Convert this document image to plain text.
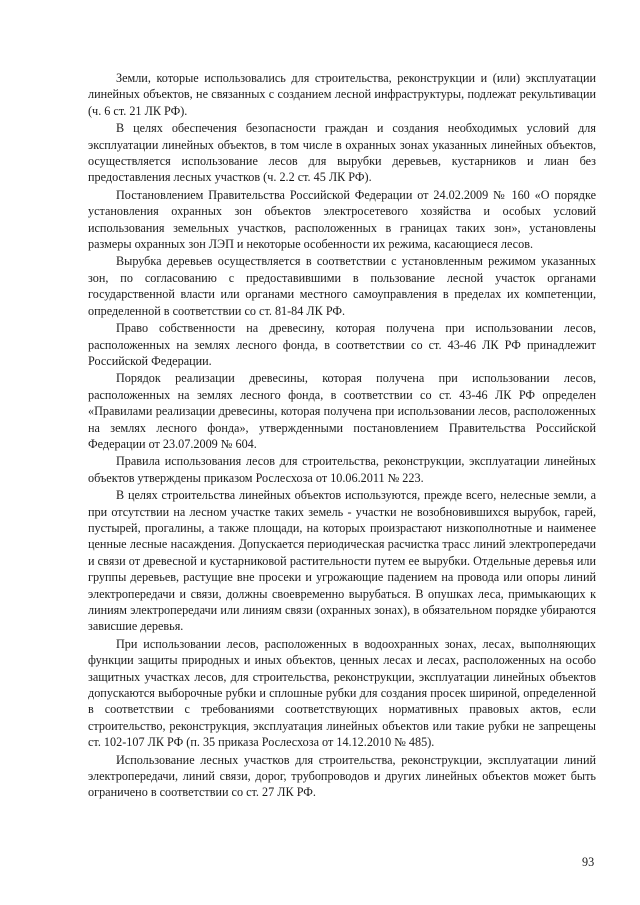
Земли, которые использовались для строительства, реконструкции и (или) эксплуатации линейных объектов, не связанных с созданием лесной инфраструктуры, подлежат рекультивации (ч. 6 ст. 21 ЛК РФ).

В целях обеспечения безопасности граждан и создания необходимых условий для эксплуатации линейных объектов, в том числе в охранных зонах указанных линейных объектов, осуществляется использование лесов для вырубки деревьев, кустарников и лиан без предоставления лесных участков (ч. 2.2 ст. 45 ЛК РФ).

Постановлением Правительства Российской Федерации от 24.02.2009 № 160 «О порядке установления охранных зон объектов электросетевого хозяйства и особых условий использования земельных участков, расположенных в границах таких зон», установлены размеры охранных зон ЛЭП и некоторые особенности их режима, касающиеся лесов.

Вырубка деревьев осуществляется в соответствии с установленным режимом указанных зон, по согласованию с предоставившими в пользование лесной участок органами государственной власти или органами местного самоуправления в пределах их компетенции, определенной в соответствии со ст. 81-84 ЛК РФ.

Право собственности на древесину, которая получена при использовании лесов, расположенных на землях лесного фонда, в соответствии со ст. 43-46 ЛК РФ принадлежит Российской Федерации.

Порядок реализации древесины, которая получена при использовании лесов, расположенных на землях лесного фонда, в соответствии со ст. 43-46 ЛК РФ определен «Правилами реализации древесины, которая получена при использовании лесов, расположенных на землях лесного фонда», утвержденными постановлением Правительства Российской Федерации от 23.07.2009 № 604.

Правила использования лесов для строительства, реконструкции, эксплуатации линейных объектов утверждены приказом Рослесхоза от 10.06.2011 № 223.

В целях строительства линейных объектов используются, прежде всего, нелесные земли, а при отсутствии на лесном участке таких земель - участки не возобновившихся вырубок, гарей, пустырей, прогалины, а также площади, на которых произрастают низкополнотные и наименее ценные лесные насаждения. Допускается периодическая расчистка трасс линий электропередачи и связи от древесной и кустарниковой растительности путем ее вырубки. Отдельные деревья или группы деревьев, растущие вне просеки и угрожающие падением на провода или опоры линий электропередачи и связи, должны своевременно вырубаться. В опушках леса, примыкающих к линиям электропередачи или линиям связи (охранных зонах), в обязательном порядке убираются зависшие деревья.

При использовании лесов, расположенных в водоохранных зонах, лесах, выполняющих функции защиты природных и иных объектов, ценных лесах и лесах, расположенных на особо защитных участках лесов, для строительства, реконструкции, эксплуатации линейных объектов допускаются выборочные рубки и сплошные рубки для создания просек шириной, определенной в соответствии с требованиями соответствующих нормативных правовых актов, если строительство, реконструкция, эксплуатация линейных объектов или такие рубки не запрещены ст. 102-107 ЛК РФ (п. 35 приказа Рослесхоза от 14.12.2010 № 485).

Использование лесных участков для строительства, реконструкции, эксплуатации линий электропередачи, линий связи, дорог, трубопроводов и других линейных объектов может быть ограничено в соответствии со ст. 27 ЛК РФ.

93
